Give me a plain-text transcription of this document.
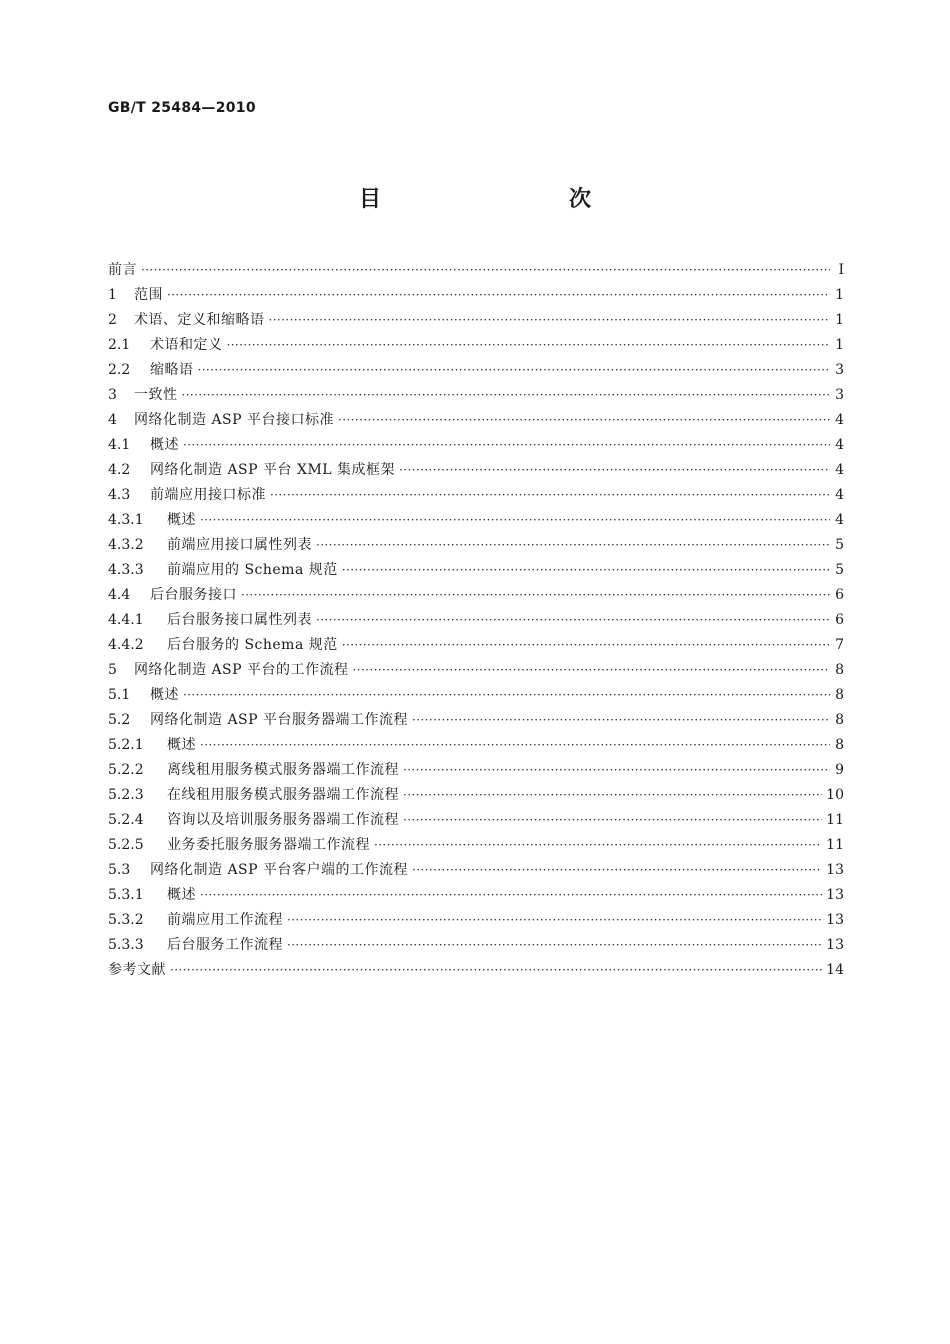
GB/T 25484—2010
目　　次
前言 ·····	Ⅰ
1	范围 ·····	1
2	术语、定义和缩略语 ·····	1
2.1	术语和定义 ·····	1
2.2	缩略语 ·····	3
3	一致性 ·····	3
4	网络化制造 ASP 平台接口标准 ·····	4
4.1	概述 ·····	4
4.2	网络化制造 ASP 平台 XML 集成框架 ·····	4
4.3	前端应用接口标准 ·····	4
4.3.1	概述 ·····	4
4.3.2	前端应用接口属性列表 ·····	5
4.3.3	前端应用的 Schema 规范 ·····	5
4.4	后台服务接口 ·····	6
4.4.1	后台服务接口属性列表 ·····	6
4.4.2	后台服务的 Schema 规范 ·····	7
5	网络化制造 ASP 平台的工作流程 ·····	8
5.1	概述 ·····	8
5.2	网络化制造 ASP 平台服务器端工作流程 ·····	8
5.2.1	概述 ·····	8
5.2.2	离线租用服务模式服务器端工作流程 ·····	9
5.2.3	在线租用服务模式服务器端工作流程 ·····	10
5.2.4	咨询以及培训服务服务器端工作流程 ·····	11
5.2.5	业务委托服务服务器端工作流程 ·····	11
5.3	网络化制造 ASP 平台客户端的工作流程 ·····	13
5.3.1	概述 ·····	13
5.3.2	前端应用工作流程 ·····	13
5.3.3	后台服务工作流程 ·····	13
参考文献 ·····	14
